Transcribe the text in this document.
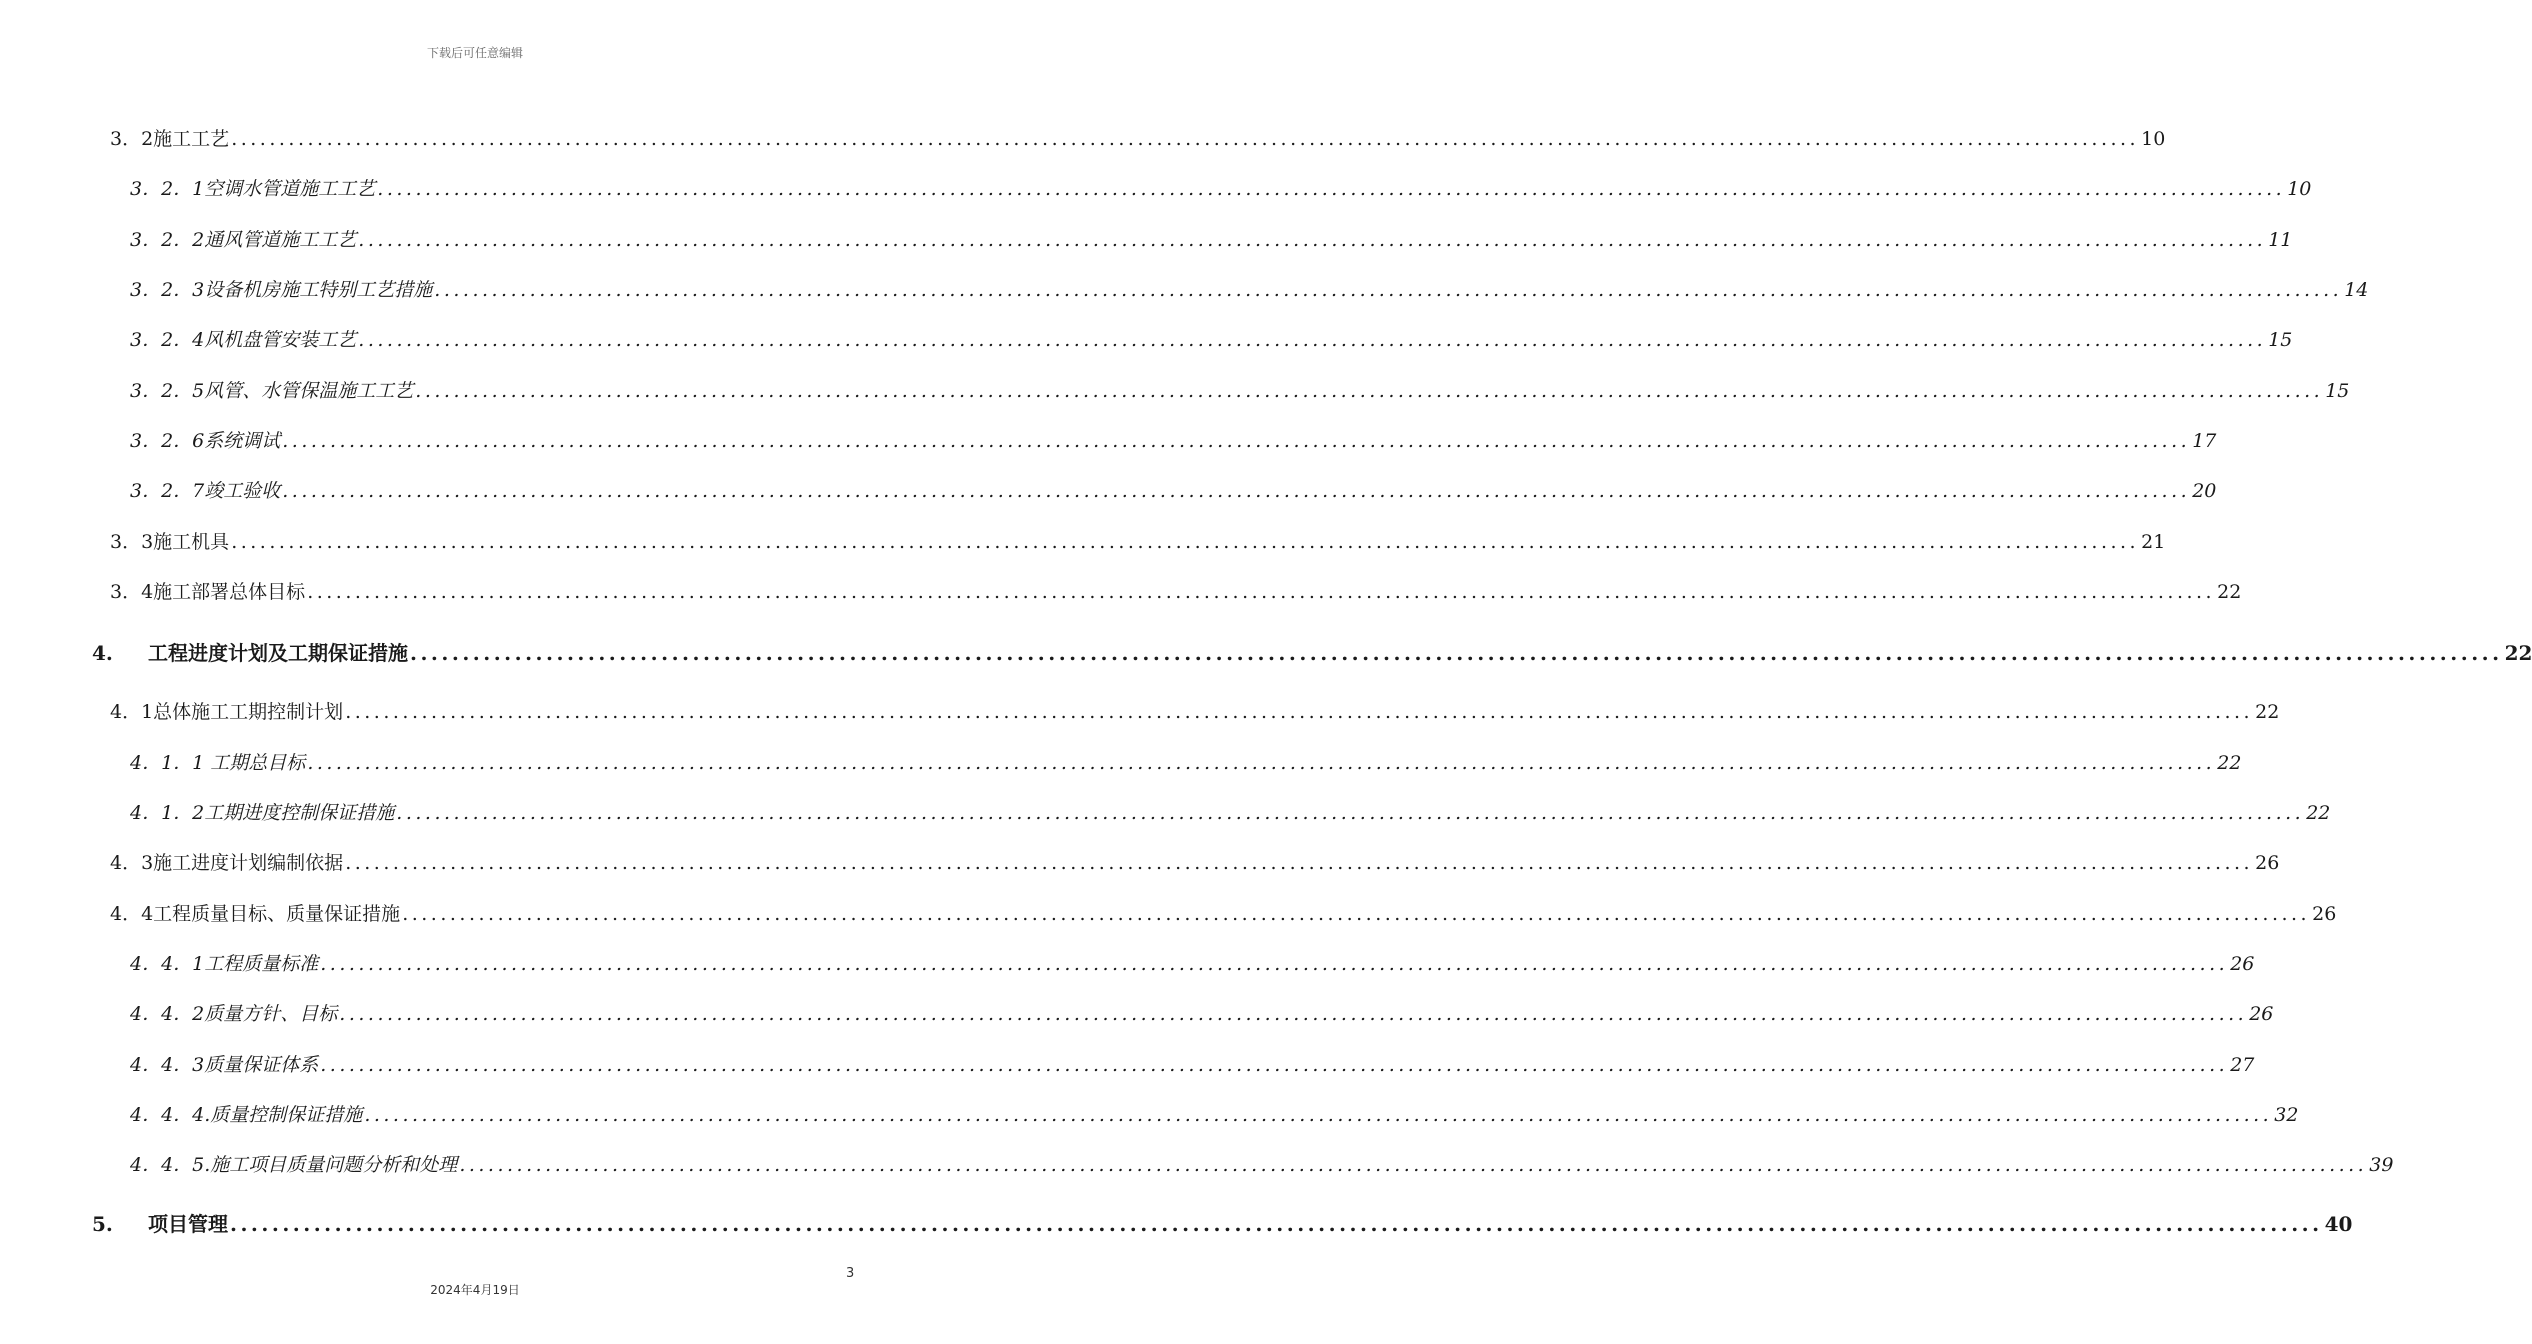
下载后可任意编辑
3．2施工工艺 ........................................................................................................................................................................................................ 10
3．2．1空调水管道施工工艺 ........................................................................................................................................................................................................ 10
3．2．2通风管道施工工艺 ........................................................................................................................................................................................................ 11
3．2．3设备机房施工特别工艺措施 ........................................................................................................................................................................................................ 14
3．2．4风机盘管安装工艺 ........................................................................................................................................................................................................ 15
3．2．5风管、水管保温施工工艺 ........................................................................................................................................................................................................ 15
3．2．6系统调试 ........................................................................................................................................................................................................ 17
3．2．7竣工验收 ........................................................................................................................................................................................................ 20
3．3施工机具 ........................................................................................................................................................................................................ 21
3．4施工部署总体目标 ........................................................................................................................................................................................................ 22
4. 工程进度计划及工期保证措施 ........................................................................................................................................................................................................ 22
4．1总体施工工期控制计划 ........................................................................................................................................................................................................ 22
4．1．1 工期总目标 ........................................................................................................................................................................................................ 22
4．1．2工期进度控制保证措施 ........................................................................................................................................................................................................ 22
4．3施工进度计划编制依据 ........................................................................................................................................................................................................ 26
4．4工程质量目标、质量保证措施 ........................................................................................................................................................................................................ 26
4．4．1工程质量标准 ........................................................................................................................................................................................................ 26
4．4．2质量方针、目标 ........................................................................................................................................................................................................ 26
4．4．3质量保证体系 ........................................................................................................................................................................................................ 27
4．4．4.质量控制保证措施 ........................................................................................................................................................................................................ 32
4．4．5.施工项目质量问题分析和处理 ........................................................................................................................................................................................................ 39
5. 项目管理 ........................................................................................................................................................................................................ 40
3
2024年4月19日
